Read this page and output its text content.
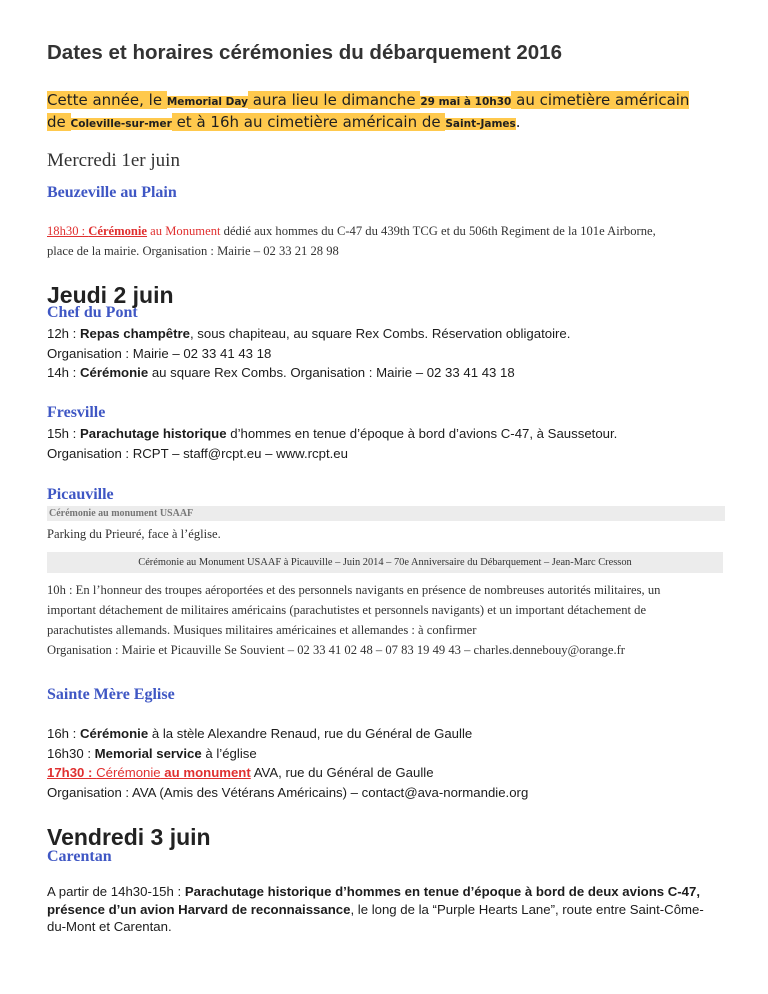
Dates et horaires cérémonies du débarquement 2016
Cette année, le Memorial Day aura lieu le dimanche 29 mai à 10h30 au cimetière américain
de Coleville-sur-mer et à 16h au cimetière américain de Saint-James.
Mercredi 1er juin
Beuzeville au Plain
18h30 : Cérémonie au Monument dédié aux hommes du C-47 du 439th TCG et du 506th Regiment de la 101e Airborne,
place de la mairie. Organisation : Mairie – 02 33 21 28 98
Jeudi 2 juin
Chef du Pont
12h : Repas champêtre, sous chapiteau, au square Rex Combs. Réservation obligatoire.
Organisation : Mairie – 02 33 41 43 18
14h : Cérémonie au square Rex Combs. Organisation : Mairie – 02 33 41 43 18
Fresville
15h : Parachutage historique d’hommes en tenue d’époque à bord d’avions C-47, à Saussetour.
Organisation : RCPT – staff@rcpt.eu – www.rcpt.eu
Picauville
Cérémonie au monument USAAF
Parking du Prieuré, face à l’église.
Cérémonie au Monument USAAF à Picauville – Juin 2014 – 70e Anniversaire du Débarquement – Jean-Marc Cresson
10h : En l’honneur des troupes aéroportées et des personnels navigants en présence de nombreuses autorités militaires, un
important détachement de militaires américains (parachutistes et personnels navigants) et un important détachement de
parachutistes allemands. Musiques militaires américaines et allemandes : à confirmer
Organisation : Mairie et Picauville Se Souvient – 02 33 41 02 48 – 07 83 19 49 43 – charles.dennebouy@orange.fr
Sainte Mère Eglise
16h : Cérémonie à la stèle Alexandre Renaud, rue du Général de Gaulle
16h30 : Memorial service à l’église
17h30 : Cérémonie au monument AVA, rue du Général de Gaulle
Organisation : AVA (Amis des Vétérans Américains) – contact@ava-normandie.org
Vendredi 3 juin
Carentan
A partir de 14h30-15h : Parachutage historique d’hommes en tenue d’époque à bord de deux avions C-47,
présence d’un avion Harvard de reconnaissance, le long de la “Purple Hearts Lane”, route entre Saint-Côme-
du-Mont et Carentan.
